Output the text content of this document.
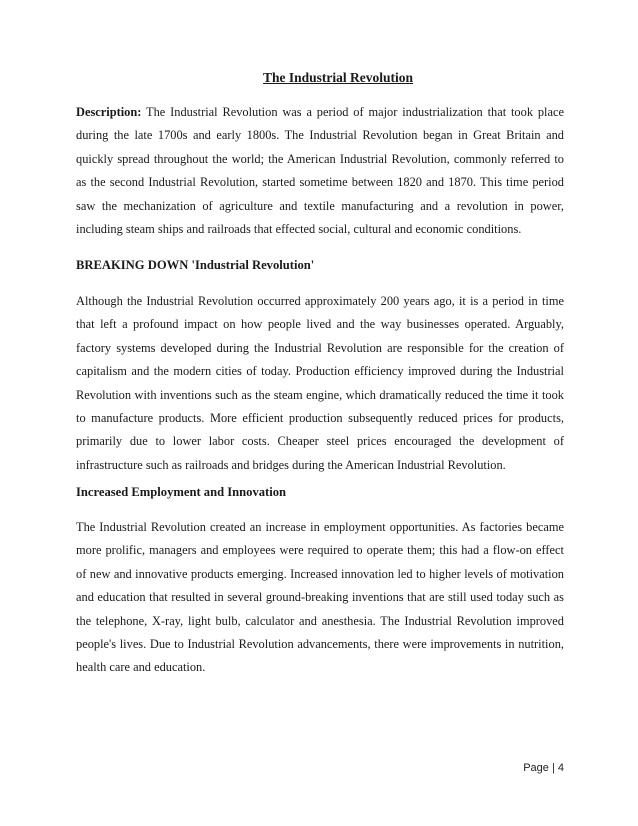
The Industrial Revolution

Description: The Industrial Revolution was a period of major industrialization that took place during the late 1700s and early 1800s. The Industrial Revolution began in Great Britain and quickly spread throughout the world; the American Industrial Revolution, commonly referred to as the second Industrial Revolution, started sometime between 1820 and 1870. This time period saw the mechanization of agriculture and textile manufacturing and a revolution in power, including steam ships and railroads that effected social, cultural and economic conditions.

BREAKING DOWN 'Industrial Revolution'

Although the Industrial Revolution occurred approximately 200 years ago, it is a period in time that left a profound impact on how people lived and the way businesses operated. Arguably, factory systems developed during the Industrial Revolution are responsible for the creation of capitalism and the modern cities of today. Production efficiency improved during the Industrial Revolution with inventions such as the steam engine, which dramatically reduced the time it took to manufacture products. More efficient production subsequently reduced prices for products, primarily due to lower labor costs. Cheaper steel prices encouraged the development of infrastructure such as railroads and bridges during the American Industrial Revolution.

Increased Employment and Innovation

The Industrial Revolution created an increase in employment opportunities. As factories became more prolific, managers and employees were required to operate them; this had a flow-on effect of new and innovative products emerging. Increased innovation led to higher levels of motivation and education that resulted in several ground-breaking inventions that are still used today such as the telephone, X-ray, light bulb, calculator and anesthesia. The Industrial Revolution improved people's lives. Due to Industrial Revolution advancements, there were improvements in nutrition, health care and education.

Page | 4
